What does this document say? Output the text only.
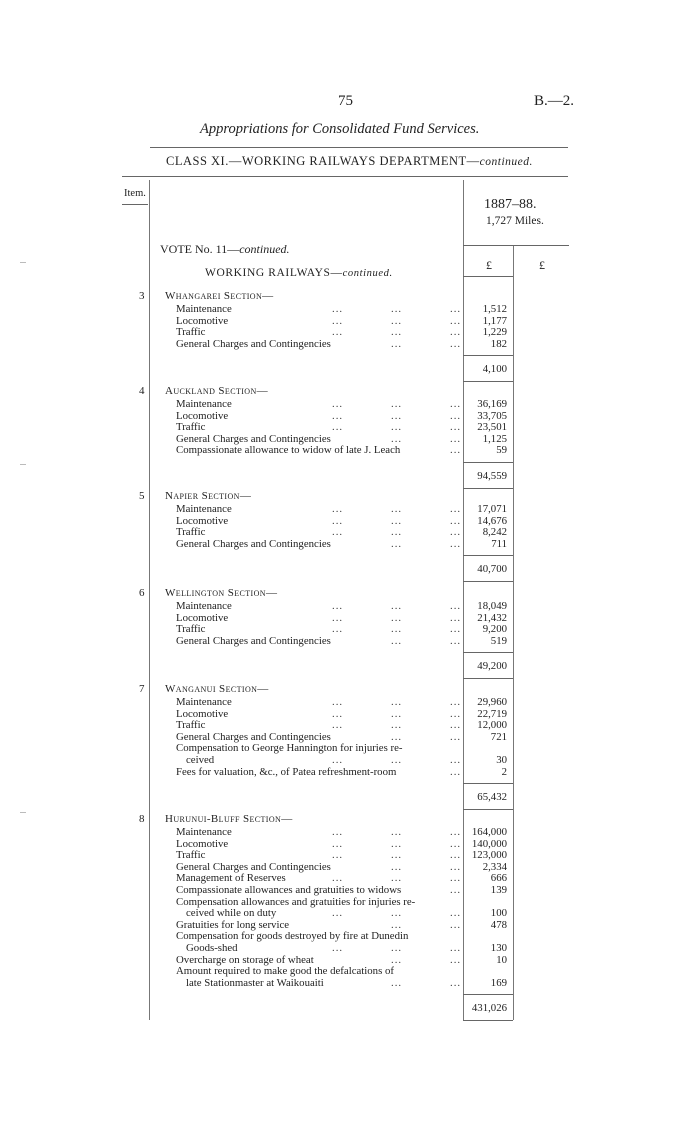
75	B.—2.
Appropriations for Consolidated Fund Services.
CLASS XI.—WORKING RAILWAYS DEPARTMENT—continued.
Item.
1887–88.
1,727 Miles.
£	£
VOTE No. 11—continued.
WORKING RAILWAYS—continued.
3 Whangarei Section—
Maintenance	...	...	...	1,512
Locomotive	...	...	...	1,177
Traffic	...	...	...	1,229
General Charges and Contingencies	...	...	182
4,100
4 Auckland Section—
Maintenance	...	...	...	36,169
Locomotive	...	...	...	33,705
Traffic	...	...	...	23,501
General Charges and Contingencies	...	...	1,125
Compassionate allowance to widow of late J. Leach	...	59
94,559
5 Napier Section—
Maintenance	...	...	...	17,071
Locomotive	...	...	...	14,676
Traffic	...	...	...	8,242
General Charges and Contingencies	...	...	711
40,700
6 Wellington Section—
Maintenance	...	...	...	18,049
Locomotive	...	...	...	21,432
Traffic	...	...	...	9,200
General Charges and Contingencies	...	...	519
49,200
7 Wanganui Section—
Maintenance	...	...	...	29,960
Locomotive	...	...	...	22,719
Traffic	...	...	...	12,000
General Charges and Contingencies	...	...	721
Compensation to George Hannington for injuries re-
ceived	...	...	...	30
Fees for valuation, &c., of Patea refreshment-room	...	2
65,432
8 Hurunui-Bluff Section—
Maintenance	...	...	... 164,000
Locomotive	...	...	... 140,000
Traffic	...	...	... 123,000
General Charges and Contingencies	...	...	2,334
Management of Reserves	...	...	...	666
Compassionate allowances and gratuities to widows	...	139
Compensation allowances and gratuities for injuries re-
ceived while on duty	...	...	...	100
Gratuities for long service	...	...	478
Compensation for goods destroyed by fire at Dunedin
Goods-shed	...	...	...	130
Overcharge on storage of wheat	...	...	10
Amount required to make good the defalcations of
late Stationmaster at Waikouaiti	...	...	169
431,026
